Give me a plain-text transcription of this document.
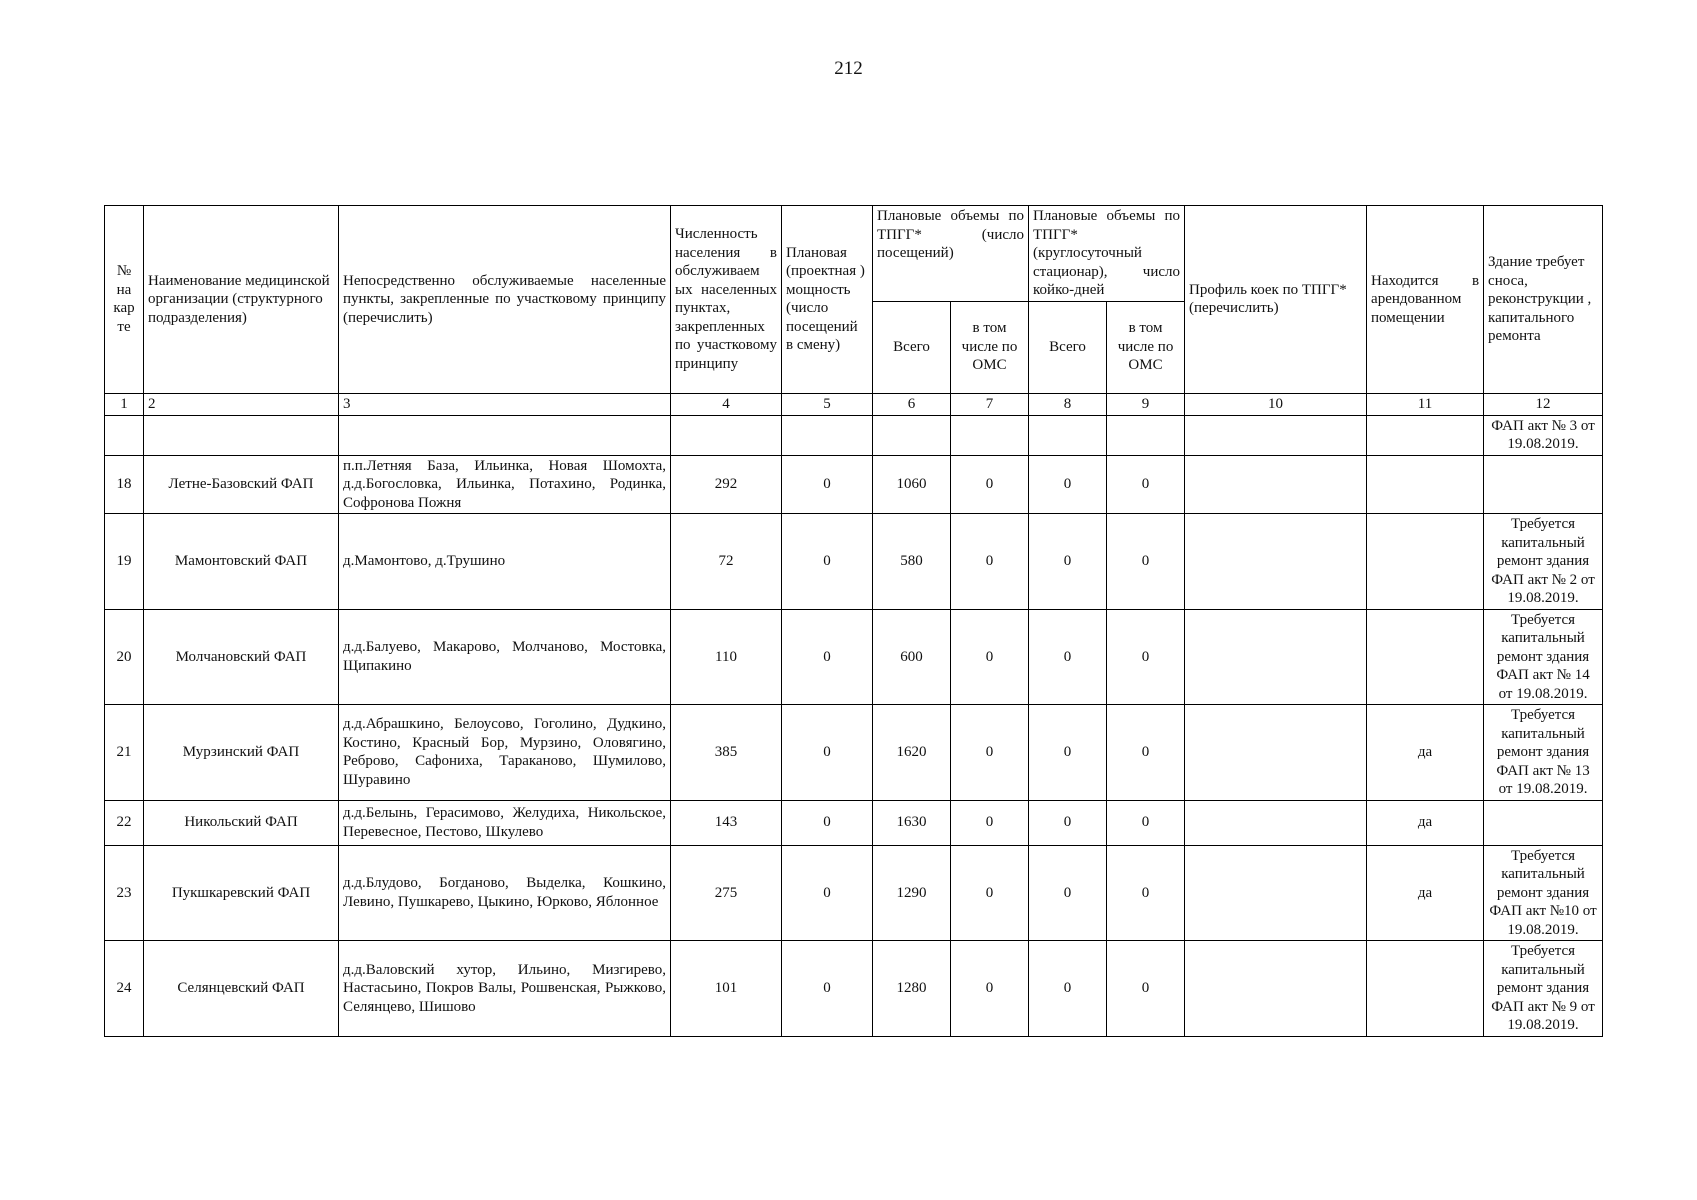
212
№ на кар те	Наименование медицинской организации (структурного подразделения)	Непосредственно обслуживаемые населенные пункты, закрепленные по участковому принципу (перечислить)	Численность населения в обслуживаем ых населенных пунктах, закрепленных по участковому принципу	Плановая (проектная ) мощность (число посещений в смену)	Плановые объемы по ТПГГ* (число посещений)		Плановые объемы по ТПГГ* (круглосуточный стационар), число койко-дней		Профиль коек по ТПГГ* (перечислить)	Находится в арендованном помещении	Здание требует сноса, реконструкции , капитального ремонта
					Всего	в том числе по ОМС	Всего	в том числе по ОМС			
1	2	3	4	5	6	7	8	9	10	11	12
											ФАП акт № 3 от 19.08.2019.
18	Летне-Базовский ФАП	п.п.Летняя База, Ильинка, Новая Шомохта, д.д.Богословка, Ильинка, Потахино, Родинка, Софронова Пожня	292	0	1060	0	0	0			
19	Мамонтовский ФАП	д.Мамонтово, д.Трушино	72	0	580	0	0	0			Требуется капитальный ремонт здания ФАП акт № 2 от 19.08.2019.
20	Молчановский ФАП	д.д.Балуево, Макарово, Молчаново, Мостовка, Щипакино	110	0	600	0	0	0			Требуется капитальный ремонт здания ФАП акт № 14 от 19.08.2019.
21	Мурзинский ФАП	д.д.Абрашкино, Белоусово, Гоголино, Дудкино, Костино, Красный Бор, Мурзино, Оловягино, Реброво, Сафониха, Тараканово, Шумилово, Шуравино	385	0	1620	0	0	0		да	Требуется капитальный ремонт здания ФАП акт № 13 от 19.08.2019.
22	Никольский ФАП	д.д.Белынь, Герасимово, Желудиха, Никольское, Перевесное, Пестово, Шкулево	143	0	1630	0	0	0		да	
23	Пукшкаревский ФАП	д.д.Блудово, Богданово, Выделка, Кошкино, Левино, Пушкарево, Цыкино, Юрково, Яблонное	275	0	1290	0	0	0		да	Требуется капитальный ремонт здания ФАП акт №10 от 19.08.2019.
24	Селянцевский ФАП	д.д.Валовский хутор, Ильино, Мизгирево, Настасьино, Покров Валы, Рошвенская, Рыжково, Селянцево, Шишово	101	0	1280	0	0	0			Требуется капитальный ремонт здания ФАП акт № 9 от 19.08.2019.
